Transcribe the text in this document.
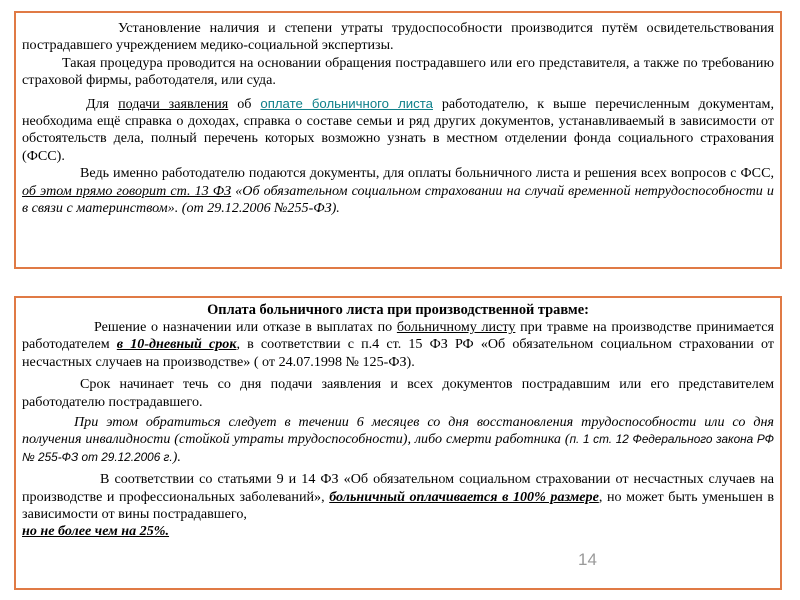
Установление наличия и степени утраты трудоспособности производится путём освидетельствования пострадавшего учреждением медико-социальной экспертизы.

Такая процедура проводится на основании обращения пострадавшего или его представителя, а также по требованию страховой фирмы, работодателя, или суда.

Для подачи заявления об оплате больничного листа работодателю, к выше перечисленным документам, необходима ещё справка о доходах, справка о составе семьи и ряд других документов, устанавливаемый в зависимости от обстоятельств дела, полный перечень которых возможно узнать в местном отделении фонда социального страхования (ФСС).

Ведь именно работодателю подаются документы, для оплаты больничного листа и решения всех вопросов с ФСС, об этом прямо говорит ст. 13 ФЗ «Об обязательном социальном страховании на случай временной нетрудоспособности и в связи с материнством». (от 29.12.2006 №255-ФЗ).

Оплата больничного листа при производственной травме:

Решение о назначении или отказе в выплатах по больничному листу при травме на производстве принимается работодателем в 10-дневный срок, в соответствии с п.4 ст. 15 ФЗ РФ «Об обязательном социальном страховании от несчастных случаев на производстве» ( от 24.07.1998 № 125-ФЗ).

Срок начинает течь со дня подачи заявления и всех документов пострадавшим или его представителем работодателю пострадавшего.

При этом обратиться следует в течении 6 месяцев со дня восстановления трудоспособности или со дня получения инвалидности (стойкой утраты трудоспособности), либо смерти работника (п. 1 ст. 12 Федерального закона РФ № 255-ФЗ от 29.12.2006 г.).

В соответствии со статьями 9 и 14 ФЗ «Об обязательном социальном страховании от несчастных случаев на производстве и профессиональных заболеваний», больничный оплачивается в 100% размере, но может быть уменьшен в зависимости от вины пострадавшего,
но не более чем на 25%.

14
